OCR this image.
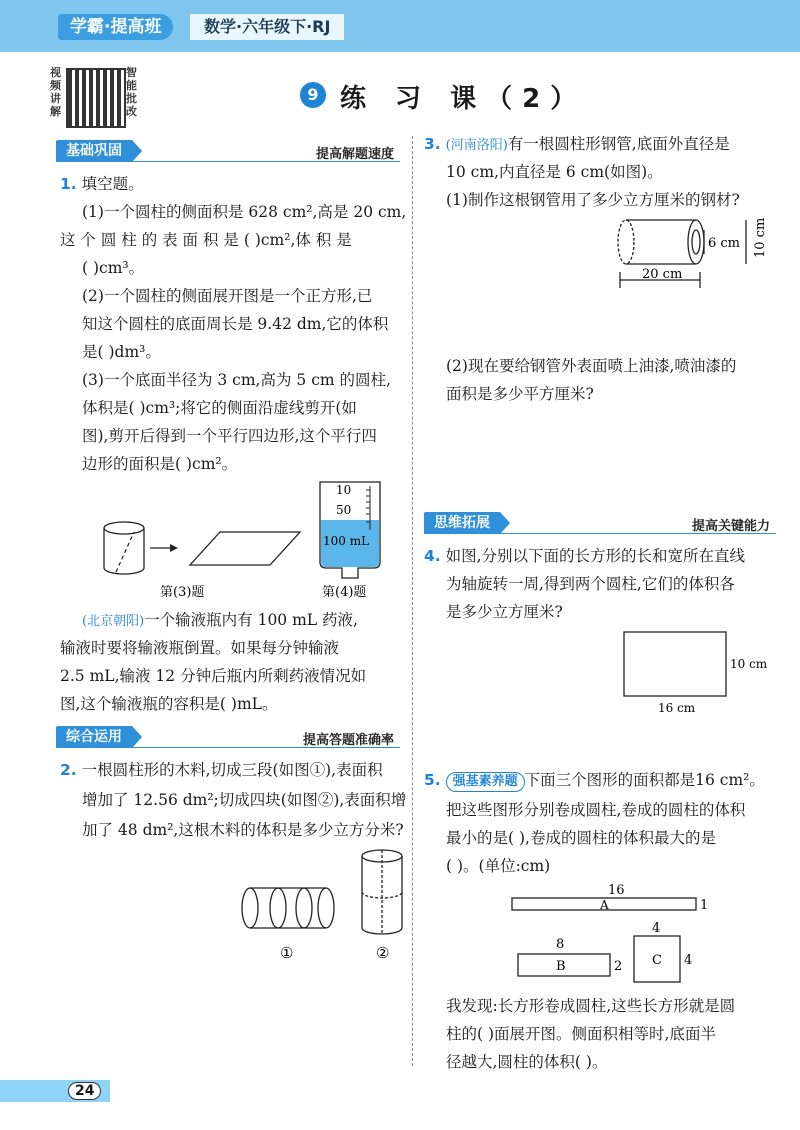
学霸·提高班	数学·六年级下·RJ
视频讲解
智能批改
9 练 习 课（2）
基础巩固	提高解题速度
1. 填空题。
(1)一个圆柱的侧面积是 628 cm²,高是 20 cm,
这 个 圆 柱 的 表 面 积 是 ( )cm²,体 积 是
( )cm³。
(2)一个圆柱的侧面展开图是一个正方形,已
知这个圆柱的底面周长是 9.42 dm,它的体积
是( )dm³。
(3)一个底面半径为 3 cm,高为 5 cm 的圆柱,
体积是( )cm³;将它的侧面沿虚线剪开(如
图),剪开后得到一个平行四边形,这个平行四
边形的面积是( )cm²。
10
50
100 mL
第(3)题	第(4)题
(北京朝阳)一个输液瓶内有 100 mL 药液,
输液时要将输液瓶倒置。如果每分钟输液
2.5 mL,输液 12 分钟后瓶内所剩药液情况如
图,这个输液瓶的容积是( )mL。
综合运用	提高答题准确率
2. 一根圆柱形的木料,切成三段(如图①),表面积
增加了 12.56 dm²;切成四块(如图②),表面积增
加了 48 dm²,这根木料的体积是多少立方分米?
①	②
3. (河南洛阳)有一根圆柱形钢管,底面外直径是
10 cm,内直径是 6 cm(如图)。
(1)制作这根钢管用了多少立方厘米的钢材?
6 cm 10 cm
20 cm
(2)现在要给钢管外表面喷上油漆,喷油漆的
面积是多少平方厘米?
思维拓展	提高关键能力
4. 如图,分别以下面的长方形的长和宽所在直线
为轴旋转一周,得到两个圆柱,它们的体积各
是多少立方厘米?
10 cm
16 cm
5. 强基素养题 下面三个图形的面积都是16 cm²。
把这些图形分别卷成圆柱,卷成的圆柱的体积
最小的是( ),卷成的圆柱的体积最大的是
( )。(单位:cm)
16
A	1
8
B	2
4
C 4
我发现:长方形卷成圆柱,这些长方形就是圆
柱的( )面展开图。侧面积相等时,底面半
径越大,圆柱的体积( )。
24
